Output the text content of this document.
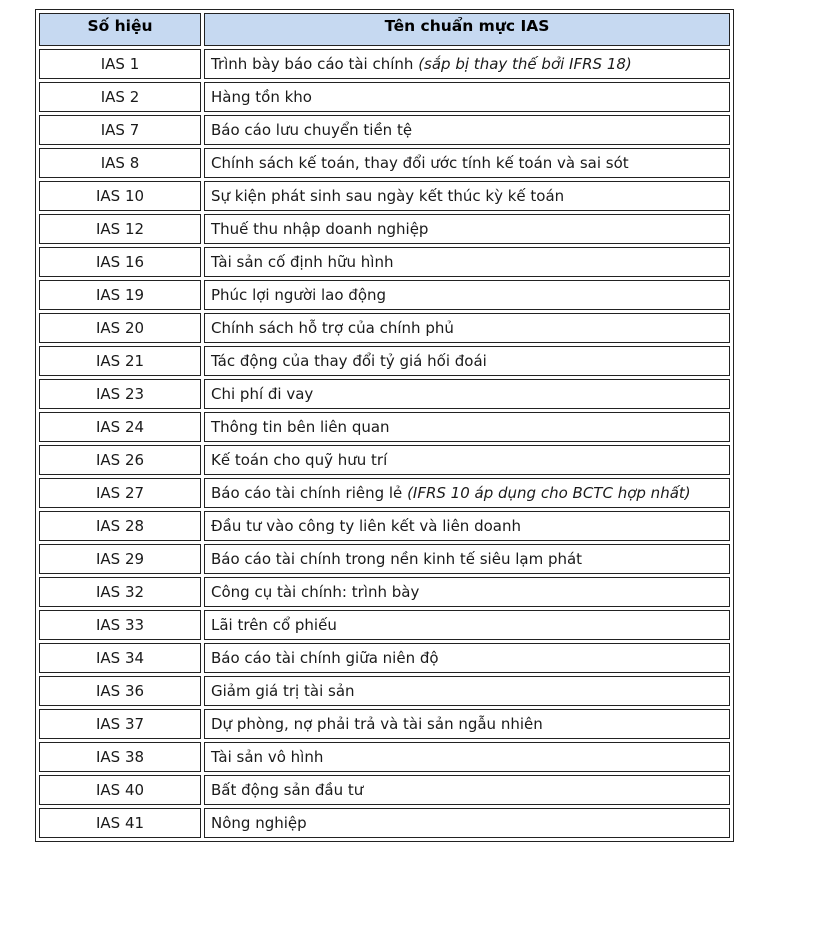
Số hiệu	Tên chuẩn mực IAS
IAS 1	Trình bày báo cáo tài chính (sắp bị thay thế bởi IFRS 18)
IAS 2	Hàng tồn kho
IAS 7	Báo cáo lưu chuyển tiền tệ
IAS 8	Chính sách kế toán, thay đổi ước tính kế toán và sai sót
IAS 10	Sự kiện phát sinh sau ngày kết thúc kỳ kế toán
IAS 12	Thuế thu nhập doanh nghiệp
IAS 16	Tài sản cố định hữu hình
IAS 19	Phúc lợi người lao động
IAS 20	Chính sách hỗ trợ của chính phủ
IAS 21	Tác động của thay đổi tỷ giá hối đoái
IAS 23	Chi phí đi vay
IAS 24	Thông tin bên liên quan
IAS 26	Kế toán cho quỹ hưu trí
IAS 27	Báo cáo tài chính riêng lẻ (IFRS 10 áp dụng cho BCTC hợp nhất)
IAS 28	Đầu tư vào công ty liên kết và liên doanh
IAS 29	Báo cáo tài chính trong nền kinh tế siêu lạm phát
IAS 32	Công cụ tài chính: trình bày
IAS 33	Lãi trên cổ phiếu
IAS 34	Báo cáo tài chính giữa niên độ
IAS 36	Giảm giá trị tài sản
IAS 37	Dự phòng, nợ phải trả và tài sản ngẫu nhiên
IAS 38	Tài sản vô hình
IAS 40	Bất động sản đầu tư
IAS 41	Nông nghiệp
